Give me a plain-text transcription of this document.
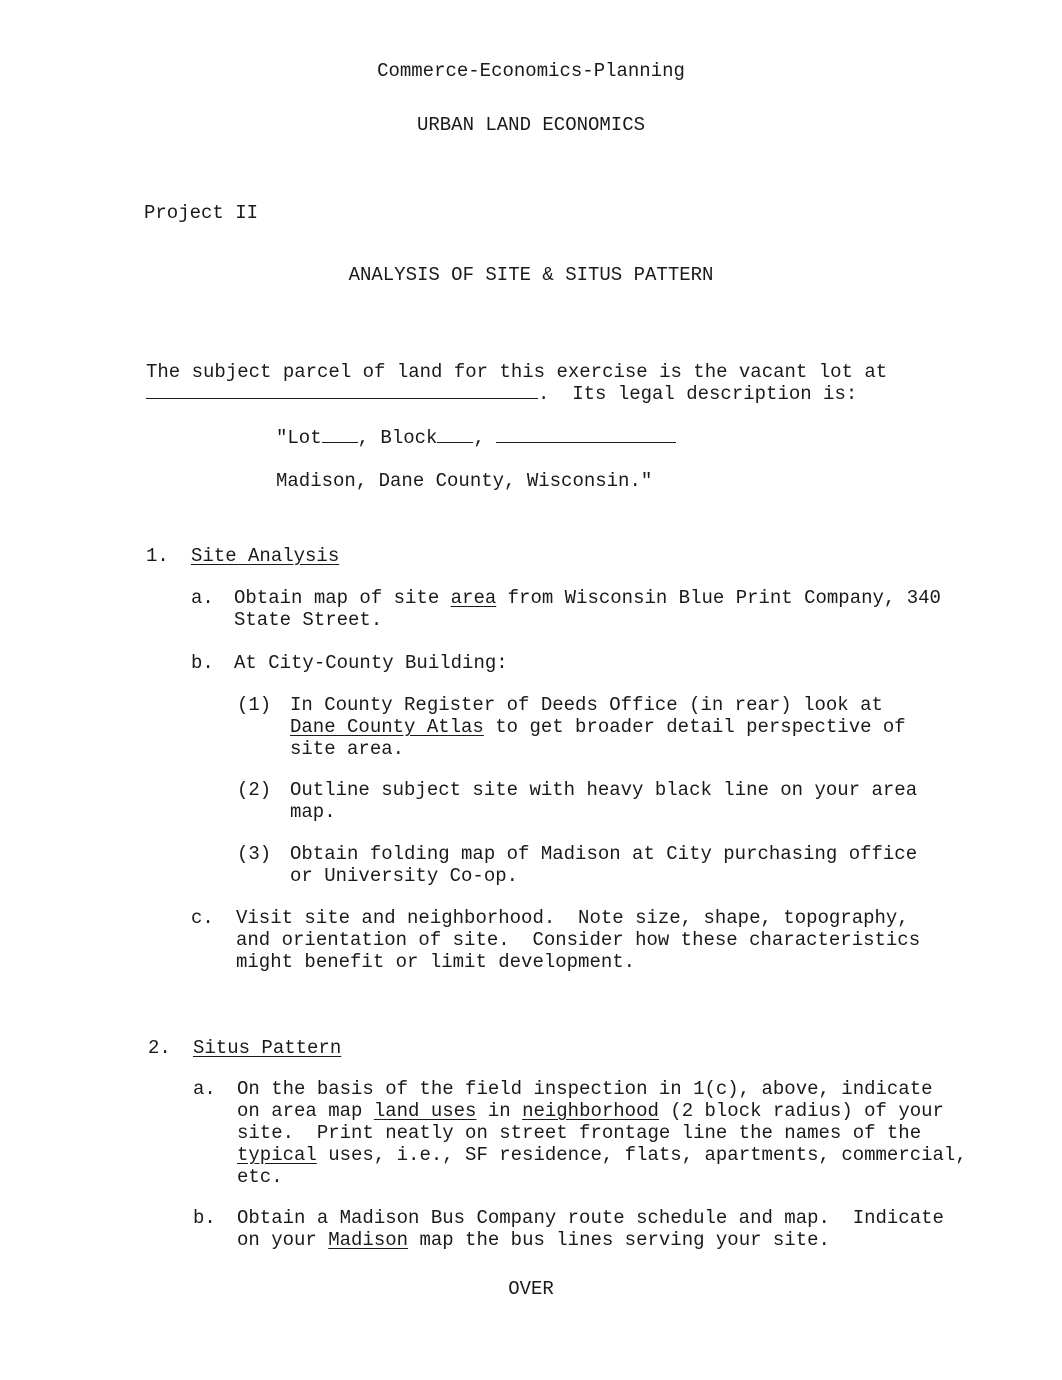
Commerce-Economics-Planning
URBAN LAND ECONOMICS
Project II
ANALYSIS OF SITE & SITUS PATTERN
The subject parcel of land for this exercise is the vacant lot at
.  Its legal description is:
"Lot , Block ,
Madison, Dane County, Wisconsin."
1. Site Analysis
a. Obtain map of site area from Wisconsin Blue Print Company, 340
State Street.
b. At City-County Building:
(1) In County Register of Deeds Office (in rear) look at
Dane County Atlas to get broader detail perspective of
site area.
(2) Outline subject site with heavy black line on your area
map.
(3) Obtain folding map of Madison at City purchasing office
or University Co-op.
c. Visit site and neighborhood.  Note size, shape, topography,
and orientation of site.  Consider how these characteristics
might benefit or limit development.
2. Situs Pattern
a. On the basis of the field inspection in 1(c), above, indicate
on area map land uses in neighborhood (2 block radius) of your
site.  Print neatly on street frontage line the names of the
typical uses, i.e., SF residence, flats, apartments, commercial,
etc.
b. Obtain a Madison Bus Company route schedule and map.  Indicate
on your Madison map the bus lines serving your site.
OVER
